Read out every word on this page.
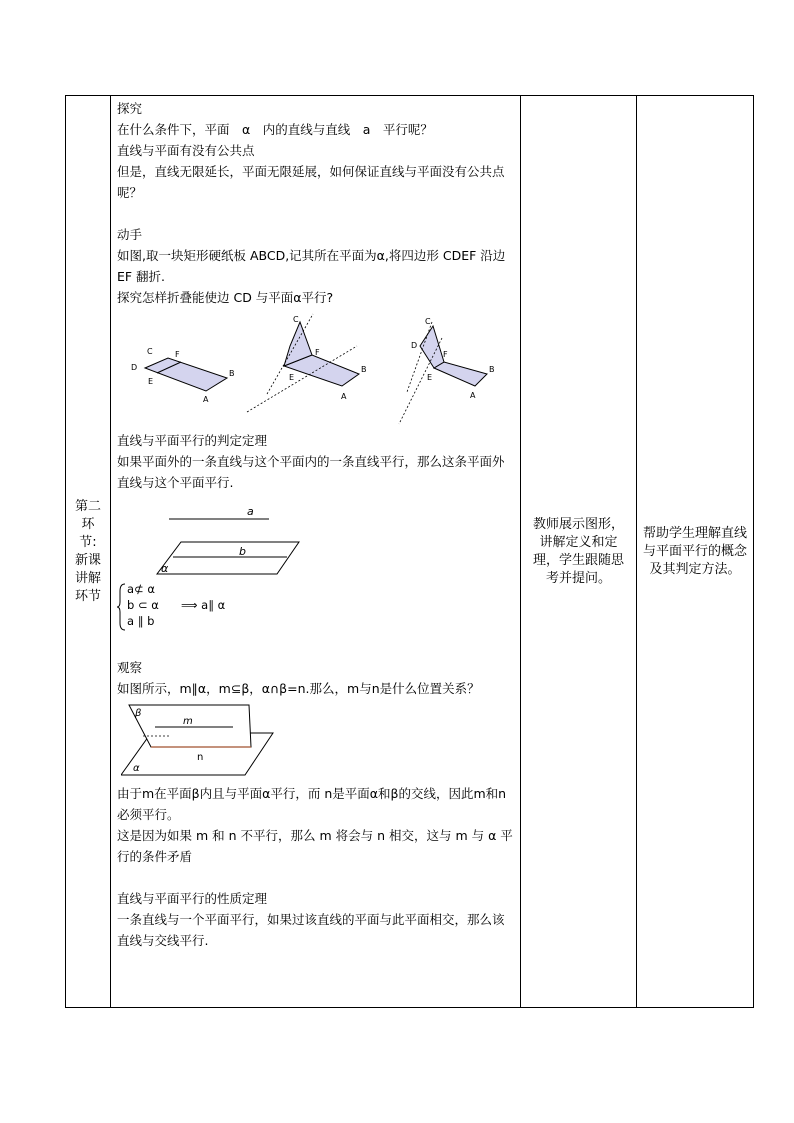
第二环节:新课讲解环节

探究

在什么条件下，平面　α　内的直线与直线　a　平行呢？

直线与平面有没有公共点

但是，直线无限延长，平面无限延展，如何保证直线与平面没有公共点呢？

动手

如图,取一块矩形硬纸板 ABCD,记其所在平面为α,将四边形 CDEF 沿边 EF 翻折.

探究怎样折叠能使边 CD 与平面α平行?

C	F
D
E
B
A
C
F
E
B
A
C
D
F
E
B
A

直线与平面平行的判定定理

如果平面外的一条直线与这个平面内的一条直线平行，那么这条平面外直线与这个平面平行.

a
b
α
a⊄ α
b ⊂ α
a ∥ b
⟹ a∥ α

观察

如图所示，m∥α，m⊆β，α∩β=n.那么，m与n是什么位置关系？

β
m
n
α

由于m在平面β内且与平面α平行，而 n是平面α和β的交线，因此m和n必须平行。

这是因为如果 m 和 n 不平行，那么 m 将会与 n 相交，这与 m 与 α 平行的条件矛盾

直线与平面平行的性质定理

一条直线与一个平面平行，如果过该直线的平面与此平面相交，那么该直线与交线平行.

教师展示图形，讲解定义和定理，学生跟随思考并提问。

帮助学生理解直线与平面平行的概念及其判定方法。
